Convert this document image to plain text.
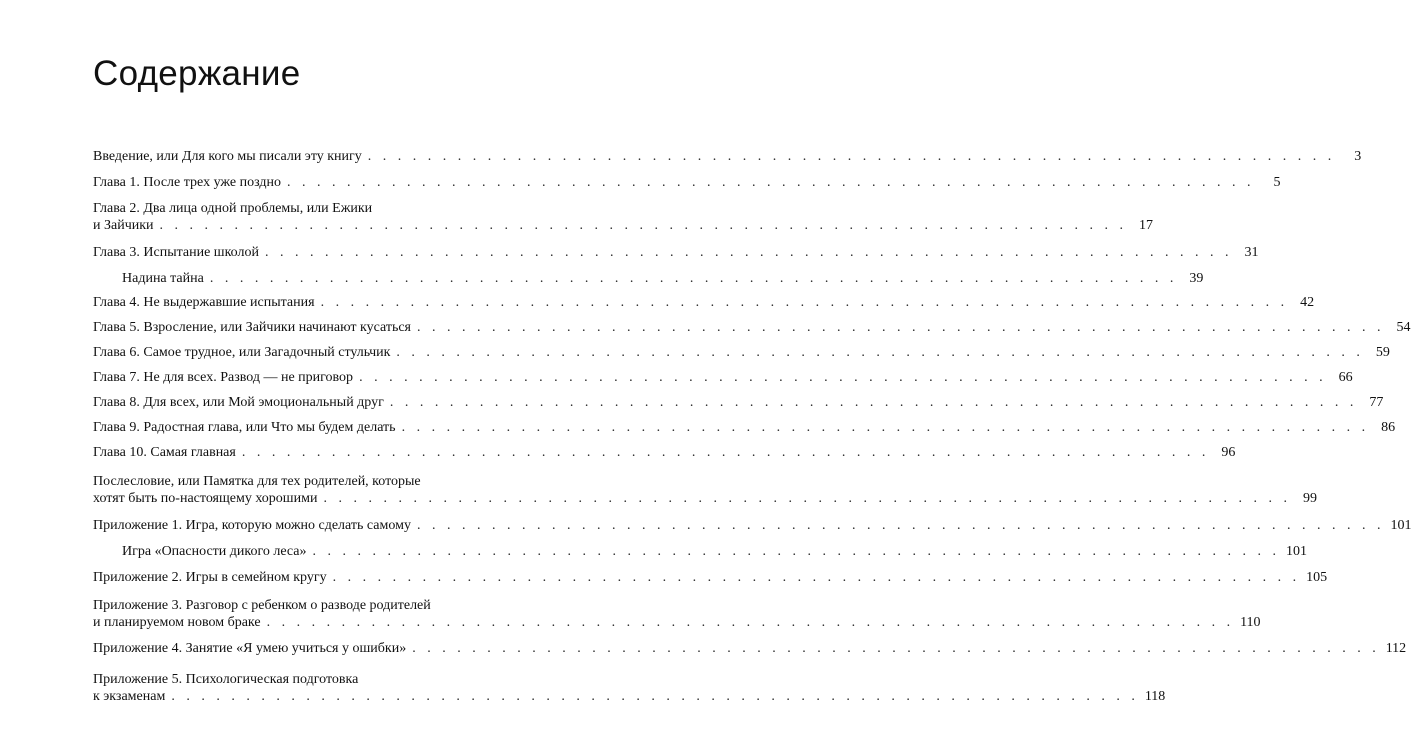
Содержание
Введение, или Для кого мы писали эту книгу . . . . . . . . . . . . . . . . . . . . . . . . . . . . . . . . . . . . . . . . . . . . . . . . . . . . . . . . . . . . . . . . .	3
Глава 1. После трех уже поздно . . . . . . . . . . . . . . . . . . . . . . . . . . . . . . . . . . . . . . . . . . . . . . . . . . . . . . . . . . . . . . . . .	5
Глава 2. Два лица одной проблемы, или Ежики
и Зайчики . . . . . . . . . . . . . . . . . . . . . . . . . . . . . . . . . . . . . . . . . . . . . . . . . . . . . . . . . . . . . . . . . 17
Глава 3. Испытание школой . . . . . . . . . . . . . . . . . . . . . . . . . . . . . . . . . . . . . . . . . . . . . . . . . . . . . . . . . . . . . . . . . 31
Надина тайна . . . . . . . . . . . . . . . . . . . . . . . . . . . . . . . . . . . . . . . . . . . . . . . . . . . . . . . . . . . . . . . . . 39
Глава 4. Не выдержавшие испытания . . . . . . . . . . . . . . . . . . . . . . . . . . . . . . . . . . . . . . . . . . . . . . . . . . . . . . . . . . . . . . . . . 42
Глава 5. Взросление, или Зайчики начинают кусаться . . . . . . . . . . . . . . . . . . . . . . . . . . . . . . . . . . . . . . . . . . . . . . . . . . . . . . . . . . . . . . . . . 54
Глава 6. Самое трудное, или Загадочный стульчик . . . . . . . . . . . . . . . . . . . . . . . . . . . . . . . . . . . . . . . . . . . . . . . . . . . . . . . . . . . . . . . . . 59
Глава 7. Не для всех. Развод — не приговор . . . . . . . . . . . . . . . . . . . . . . . . . . . . . . . . . . . . . . . . . . . . . . . . . . . . . . . . . . . . . . . . . 66
Глава 8. Для всех, или Мой эмоциональный друг . . . . . . . . . . . . . . . . . . . . . . . . . . . . . . . . . . . . . . . . . . . . . . . . . . . . . . . . . . . . . . . . . 77
Глава 9. Радостная глава, или Что мы будем делать . . . . . . . . . . . . . . . . . . . . . . . . . . . . . . . . . . . . . . . . . . . . . . . . . . . . . . . . . . . . . . . . . 86
Глава 10. Самая главная . . . . . . . . . . . . . . . . . . . . . . . . . . . . . . . . . . . . . . . . . . . . . . . . . . . . . . . . . . . . . . . . . 96
Послесловие, или Памятка для тех родителей, которые
хотят быть по-настоящему хорошими . . . . . . . . . . . . . . . . . . . . . . . . . . . . . . . . . . . . . . . . . . . . . . . . . . . . . . . . . . . . . . . . . 99
Приложение 1. Игра, которую можно сделать самому . . . . . . . . . . . . . . . . . . . . . . . . . . . . . . . . . . . . . . . . . . . . . . . . . . . . . . . . . . . . . . . . . 101
Игра «Опасности дикого леса» . . . . . . . . . . . . . . . . . . . . . . . . . . . . . . . . . . . . . . . . . . . . . . . . . . . . . . . . . . . . . . . . . 101
Приложение 2. Игры в семейном кругу . . . . . . . . . . . . . . . . . . . . . . . . . . . . . . . . . . . . . . . . . . . . . . . . . . . . . . . . . . . . . . . . . 105
Приложение 3. Разговор с ребенком о разводе родителей
и планируемом новом браке . . . . . . . . . . . . . . . . . . . . . . . . . . . . . . . . . . . . . . . . . . . . . . . . . . . . . . . . . . . . . . . . . 110
Приложение 4. Занятие «Я умею учиться у ошибки» . . . . . . . . . . . . . . . . . . . . . . . . . . . . . . . . . . . . . . . . . . . . . . . . . . . . . . . . . . . . . . . . . 112
Приложение 5. Психологическая подготовка
к экзаменам . . . . . . . . . . . . . . . . . . . . . . . . . . . . . . . . . . . . . . . . . . . . . . . . . . . . . . . . . . . . . . . . . 118
